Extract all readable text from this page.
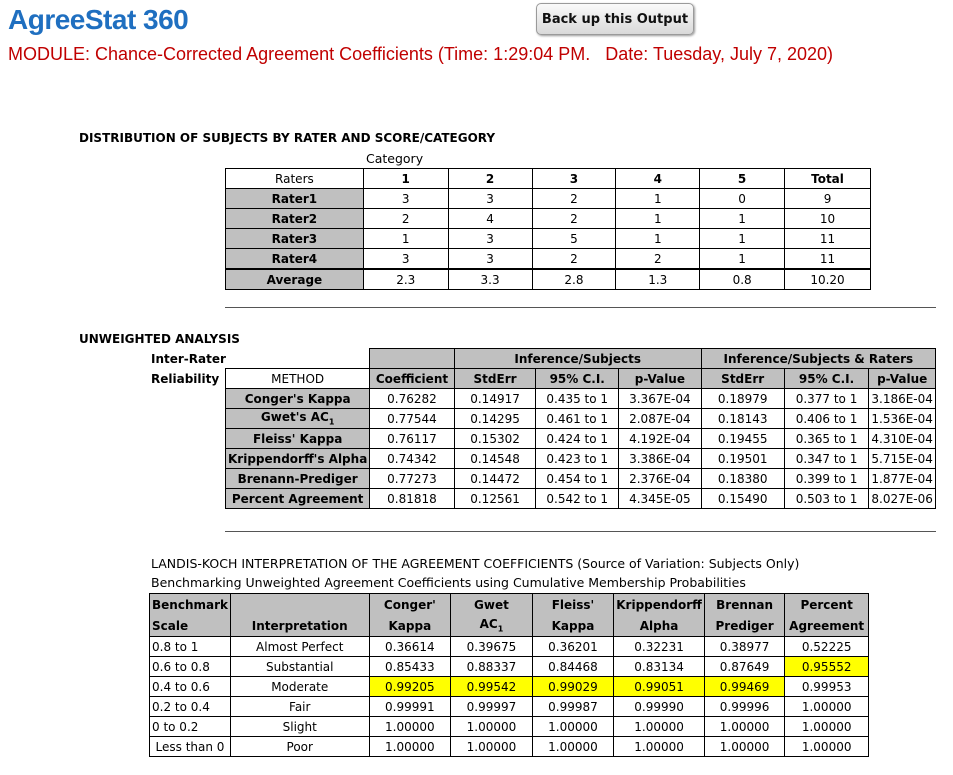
AgreeStat 360	Back up this Output
MODULE: Chance-Corrected Agreement Coefficients (Time: 1:29:04 PM.   Date: Tuesday, July 7, 2020)
DISTRIBUTION OF SUBJECTS BY RATER AND SCORE/CATEGORY
Category
Raters	1	2	3	4	5	Total
Rater1	3	3	2	1	0	9
Rater2	2	4	2	1	1	10
Rater3	1	3	5	1	1	11
Rater4	3	3	2	2	1	11
Average	2.3	3.3	2.8	1.3	0.8	10.20
UNWEIGHTED ANALYSIS
Inter-Rater
Reliability
		Inference/Subjects			Inference/Subjects & Raters		
METHOD	Coefficient	StdErr	95% C.I.	p-Value	StdErr	95% C.I.	p-Value
Conger's Kappa	0.76282	0.14917	0.435 to 1	3.367E-04	0.18979	0.377 to 1	3.186E-04
Gwet's $AC_1$	0.77544	0.14295	0.461 to 1	2.087E-04	0.18143	0.406 to 1	1.536E-04
Fleiss' Kappa	0.76117	0.15302	0.424 to 1	4.192E-04	0.19455	0.365 to 1	4.310E-04
Krippendorff's Alpha	0.74342	0.14548	0.423 to 1	3.386E-04	0.19501	0.347 to 1	5.715E-04
Brenann-Prediger	0.77273	0.14472	0.454 to 1	2.376E-04	0.18380	0.399 to 1	1.877E-04
Percent Agreement	0.81818	0.12561	0.542 to 1	4.345E-05	0.15490	0.503 to 1	8.027E-06
LANDIS-KOCH INTERPRETATION OF THE AGREEMENT COEFFICIENTS (Source of Variation: Subjects Only)
Benchmarking Unweighted Agreement Coefficients using Cumulative Membership Probabilities
Benchmark		Conger'	Gwet	Fleiss'	Krippendorff	Brennan	Percent
Scale	Interpretation	Kappa	$AC_1$	Kappa	Alpha	Prediger	Agreement
0.8 to 1	Almost Perfect	0.36614	0.39675	0.36201	0.32231	0.38977	0.52225
0.6 to 0.8	Substantial	0.85433	0.88337	0.84468	0.83134	0.87649	0.95552
0.4 to 0.6	Moderate	0.99205	0.99542	0.99029	0.99051	0.99469	0.99953
0.2 to 0.4	Fair	0.99991	0.99997	0.99987	0.99990	0.99996	1.00000
0 to 0.2	Slight	1.00000	1.00000	1.00000	1.00000	1.00000	1.00000
Less than 0	Poor	1.00000	1.00000	1.00000	1.00000	1.00000	1.00000
